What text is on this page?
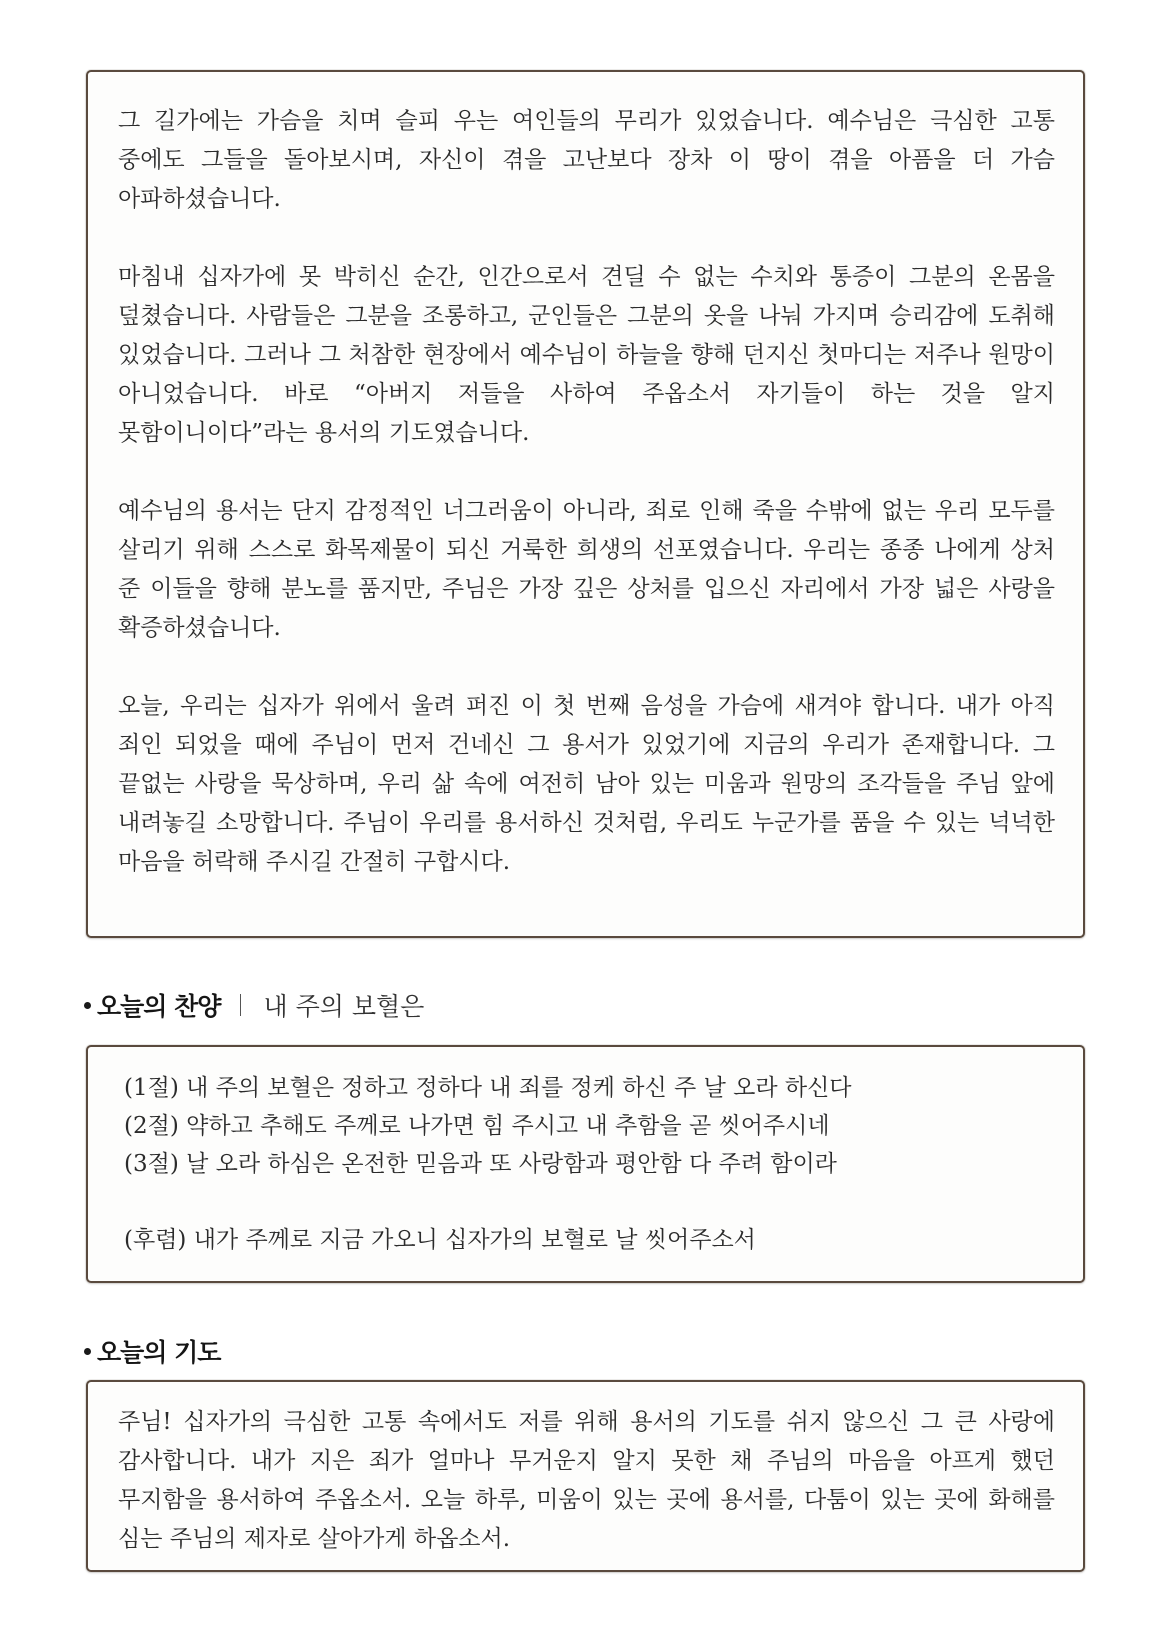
그 길가에는 가슴을 치며 슬피 우는 여인들의 무리가 있었습니다. 예수님은 극심한 고통 중에도 그들을 돌아보시며, 자신이 겪을 고난보다 장차 이 땅이 겪을 아픔을 더 가슴 아파하셨습니다.

마침내 십자가에 못 박히신 순간, 인간으로서 견딜 수 없는 수치와 통증이 그분의 온몸을 덮쳤습니다. 사람들은 그분을 조롱하고, 군인들은 그분의 옷을 나눠 가지며 승리감에 도취해 있었습니다. 그러나 그 처참한 현장에서 예수님이 하늘을 향해 던지신 첫마디는 저주나 원망이 아니었습니다. 바로 “아버지 저들을 사하여 주옵소서 자기들이 하는 것을 알지 못함이니이다”라는 용서의 기도였습니다.

예수님의 용서는 단지 감정적인 너그러움이 아니라, 죄로 인해 죽을 수밖에 없는 우리 모두를 살리기 위해 스스로 화목제물이 되신 거룩한 희생의 선포였습니다. 우리는 종종 나에게 상처 준 이들을 향해 분노를 품지만, 주님은 가장 깊은 상처를 입으신 자리에서 가장 넓은 사랑을 확증하셨습니다.

오늘, 우리는 십자가 위에서 울려 퍼진 이 첫 번째 음성을 가슴에 새겨야 합니다. 내가 아직 죄인 되었을 때에 주님이 먼저 건네신 그 용서가 있었기에 지금의 우리가 존재합니다. 그 끝없는 사랑을 묵상하며, 우리 삶 속에 여전히 남아 있는 미움과 원망의 조각들을 주님 앞에 내려놓길 소망합니다. 주님이 우리를 용서하신 것처럼, 우리도 누군가를 품을 수 있는 넉넉한 마음을 허락해 주시길 간절히 구합시다.

오늘의 찬양 내 주의 보혈은

(1절) 내 주의 보혈은 정하고 정하다 내 죄를 정케 하신 주 날 오라 하신다

(2절) 약하고 추해도 주께로 나가면 힘 주시고 내 추함을 곧 씻어주시네

(3절) 날 오라 하심은 온전한 믿음과 또 사랑함과 평안함 다 주려 함이라

(후렴) 내가 주께로 지금 가오니 십자가의 보혈로 날 씻어주소서

오늘의 기도

주님! 십자가의 극심한 고통 속에서도 저를 위해 용서의 기도를 쉬지 않으신 그 큰 사랑에 감사합니다. 내가 지은 죄가 얼마나 무거운지 알지 못한 채 주님의 마음을 아프게 했던 무지함을 용서하여 주옵소서. 오늘 하루, 미움이 있는 곳에 용서를, 다툼이 있는 곳에 화해를 심는 주님의 제자로 살아가게 하옵소서.
